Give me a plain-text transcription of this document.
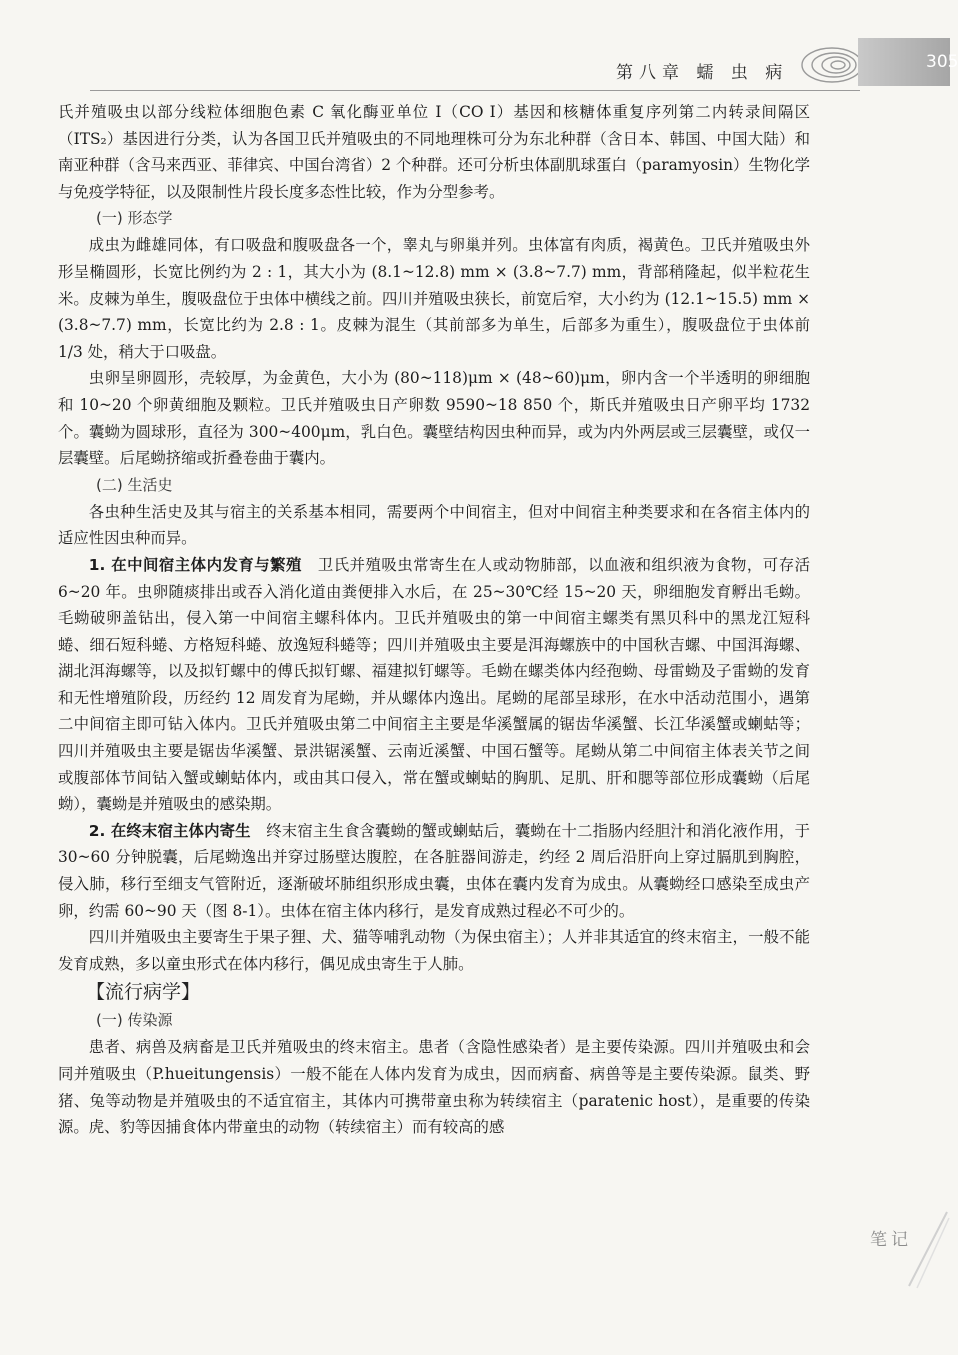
第八章 蠕 虫 病
305

氏并殖吸虫以部分线粒体细胞色素 C 氧化酶亚单位 I（CO I）基因和核糖体重复序列第二内转录间隔区（ITS₂）基因进行分类，认为各国卫氏并殖吸虫的不同地理株可分为东北种群（含日本、韩国、中国大陆）和南亚种群（含马来西亚、菲律宾、中国台湾省）2 个种群。还可分析虫体副肌球蛋白（paramyosin）生物化学与免疫学特征，以及限制性片段长度多态性比较，作为分型参考。

(一) 形态学

成虫为雌雄同体，有口吸盘和腹吸盘各一个，睾丸与卵巢并列。虫体富有肉质，褐黄色。卫氏并殖吸虫外形呈椭圆形，长宽比例约为 2 : 1，其大小为 (8.1~12.8) mm × (3.8~7.7) mm，背部稍隆起，似半粒花生米。皮棘为单生，腹吸盘位于虫体中横线之前。四川并殖吸虫狭长，前宽后窄，大小约为 (12.1~15.5) mm × (3.8~7.7) mm，长宽比约为 2.8 : 1。皮棘为混生（其前部多为单生，后部多为重生），腹吸盘位于虫体前 1/3 处，稍大于口吸盘。

虫卵呈卵圆形，壳较厚，为金黄色，大小为 (80~118)μm × (48~60)μm，卵内含一个半透明的卵细胞和 10~20 个卵黄细胞及颗粒。卫氏并殖吸虫日产卵数 9590~18 850 个，斯氏并殖吸虫日产卵平均 1732 个。囊蚴为圆球形，直径为 300~400μm，乳白色。囊壁结构因虫种而异，或为内外两层或三层囊壁，或仅一层囊壁。后尾蚴挤缩或折叠卷曲于囊内。

(二) 生活史

各虫种生活史及其与宿主的关系基本相同，需要两个中间宿主，但对中间宿主种类要求和在各宿主体内的适应性因虫种而异。

1. 在中间宿主体内发育与繁殖　 卫氏并殖吸虫常寄生在人或动物肺部，以血液和组织液为食物，可存活 6~20 年。虫卵随痰排出或吞入消化道由粪便排入水后，在 25~30℃经 15~20 天，卵细胞发育孵出毛蚴。毛蚴破卵盖钻出，侵入第一中间宿主螺科体内。卫氏并殖吸虫的第一中间宿主螺类有黑贝科中的黑龙江短科蜷、细石短科蜷、方格短科蜷、放逸短科蜷等；四川并殖吸虫主要是洱海螺族中的中国秋吉螺、中国洱海螺、湖北洱海螺等，以及拟钉螺中的傅氏拟钉螺、福建拟钉螺等。毛蚴在螺类体内经孢蚴、母雷蚴及子雷蚴的发育和无性增殖阶段，历经约 12 周发育为尾蚴，并从螺体内逸出。尾蚴的尾部呈球形，在水中活动范围小，遇第二中间宿主即可钻入体内。卫氏并殖吸虫第二中间宿主主要是华溪蟹属的锯齿华溪蟹、长江华溪蟹或蝲蛄等；四川并殖吸虫主要是锯齿华溪蟹、景洪锯溪蟹、云南近溪蟹、中国石蟹等。尾蚴从第二中间宿主体表关节之间或腹部体节间钻入蟹或蝲蛄体内，或由其口侵入，常在蟹或蝲蛄的胸肌、足肌、肝和腮等部位形成囊蚴（后尾蚴），囊蚴是并殖吸虫的感染期。

2. 在终末宿主体内寄生　 终末宿主生食含囊蚴的蟹或蝲蛄后，囊蚴在十二指肠内经胆汁和消化液作用，于 30~60 分钟脱囊，后尾蚴逸出并穿过肠壁达腹腔，在各脏器间游走，约经 2 周后沿肝向上穿过膈肌到胸腔，侵入肺，移行至细支气管附近，逐渐破坏肺组织形成虫囊，虫体在囊内发育为成虫。从囊蚴经口感染至成虫产卵，约需 60~90 天（图 8-1）。虫体在宿主体内移行，是发育成熟过程必不可少的。

四川并殖吸虫主要寄生于果子狸、犬、猫等哺乳动物（为保虫宿主）；人并非其适宜的终末宿主，一般不能发育成熟，多以童虫形式在体内移行，偶见成虫寄生于人肺。

【流行病学】

(一) 传染源

患者、病兽及病畜是卫氏并殖吸虫的终末宿主。患者（含隐性感染者）是主要传染源。四川并殖吸虫和会同并殖吸虫（P.hueitungensis）一般不能在人体内发育为成虫，因而病畜、病兽等是主要传染源。鼠类、野猪、兔等动物是并殖吸虫的不适宜宿主，其体内可携带童虫称为转续宿主（paratenic host），是重要的传染源。虎、豹等因捕食体内带童虫的动物（转续宿主）而有较高的感

笔记
